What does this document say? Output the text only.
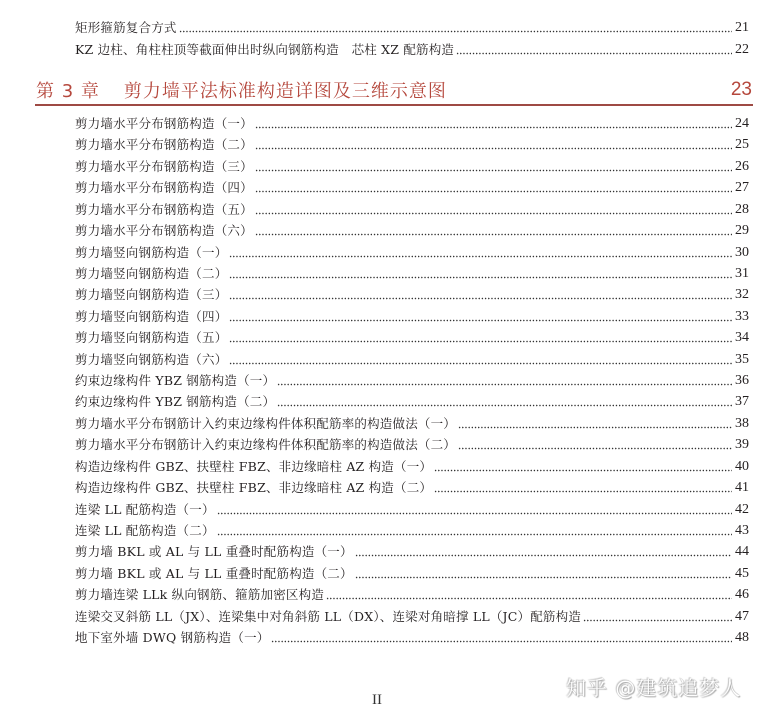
矩形箍筋复合方式	21
KZ 边柱、角柱柱顶等截面伸出时纵向钢筋构造　芯柱 XZ 配筋构造	22
第 3 章 剪力墙平法标准构造详图及三维示意图	23
剪力墙水平分布钢筋构造（一）	24
剪力墙水平分布钢筋构造（二）	25
剪力墙水平分布钢筋构造（三）	26
剪力墙水平分布钢筋构造（四）	27
剪力墙水平分布钢筋构造（五）	28
剪力墙水平分布钢筋构造（六）	29
剪力墙竖向钢筋构造（一）	30
剪力墙竖向钢筋构造（二）	31
剪力墙竖向钢筋构造（三）	32
剪力墙竖向钢筋构造（四）	33
剪力墙竖向钢筋构造（五）	34
剪力墙竖向钢筋构造（六）	35
约束边缘构件 YBZ 钢筋构造（一）	36
约束边缘构件 YBZ 钢筋构造（二）	37
剪力墙水平分布钢筋计入约束边缘构件体积配筋率的构造做法（一）	38
剪力墙水平分布钢筋计入约束边缘构件体积配筋率的构造做法（二）	39
构造边缘构件 GBZ、扶壁柱 FBZ、非边缘暗柱 AZ 构造（一）	40
构造边缘构件 GBZ、扶壁柱 FBZ、非边缘暗柱 AZ 构造（二）	41
连梁 LL 配筋构造（一）	42
连梁 LL 配筋构造（二）	43
剪力墙 BKL 或 AL 与 LL 重叠时配筋构造（一）	44
剪力墙 BKL 或 AL 与 LL 重叠时配筋构造（二）	45
剪力墙连梁 LLk 纵向钢筋、箍筋加密区构造	46
连梁交叉斜筋 LL（JX）、连梁集中对角斜筋 LL（DX）、连梁对角暗撑 LL（JC）配筋构造	47
地下室外墙 DWQ 钢筋构造（一）	48
II	知乎 @建筑追梦人
